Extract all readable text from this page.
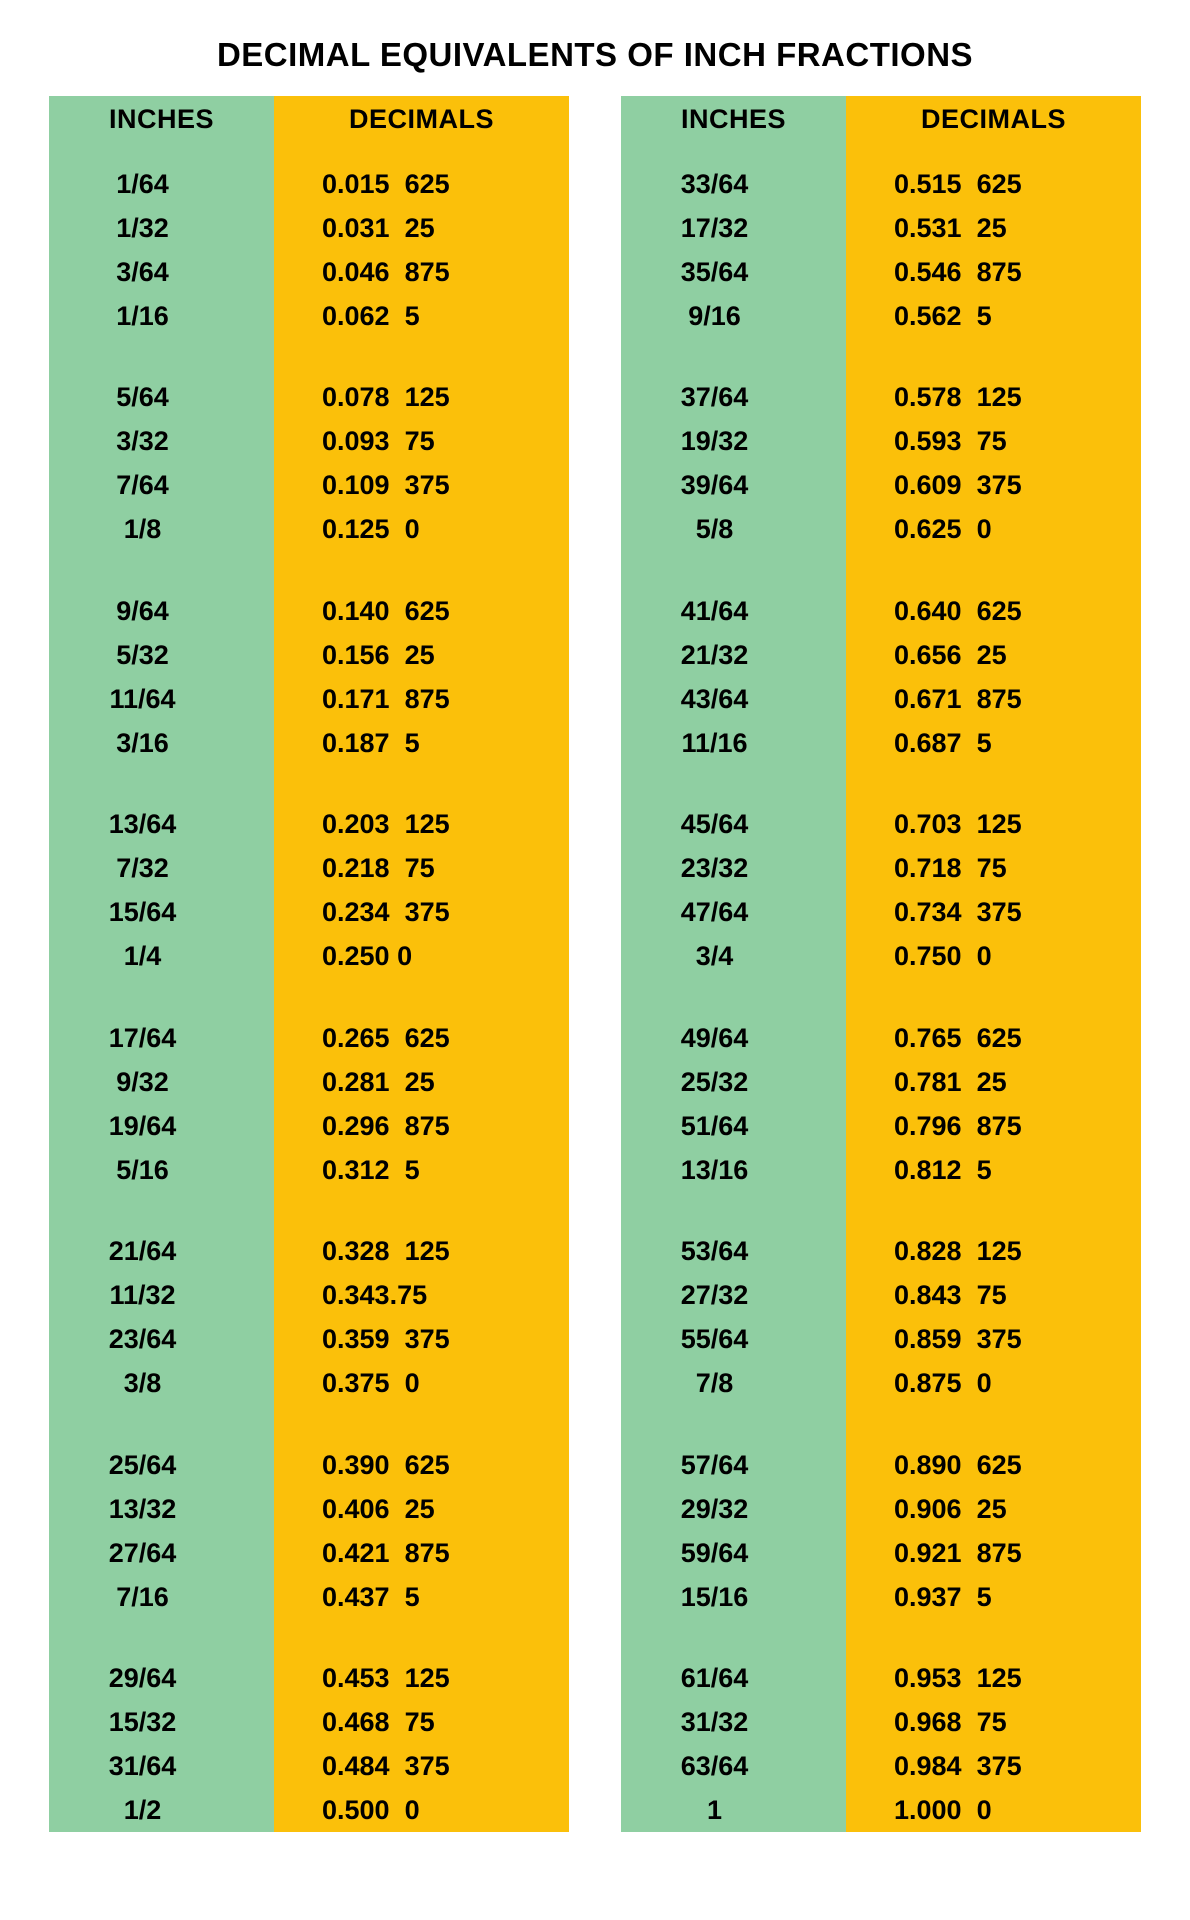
DECIMAL EQUIVALENTS OF INCH FRACTIONS
INCHES	DECIMALS
1/64
1/32
3/64
1/16
5/64
3/32
7/64
1/8
9/64
5/32
11/64
3/16
13/64
7/32
15/64
1/4
17/64
9/32
19/64
5/16
21/64
11/32
23/64
3/8
25/64
13/32
27/64
7/16
29/64
15/32
31/64
1/2
0.015  625
0.031  25
0.046  875
0.062  5
0.078  125
0.093  75
0.109  375
0.125  0
0.140  625
0.156  25
0.171  875
0.187  5
0.203  125
0.218  75
0.234  375
0.250 0
0.265  625
0.281  25
0.296  875
0.312  5
0.328  125
0.343.75
0.359  375
0.375  0
0.390  625
0.406  25
0.421  875
0.437  5
0.453  125
0.468  75
0.484  375
0.500  0
INCHES	DECIMALS
33/64
17/32
35/64
9/16
37/64
19/32
39/64
5/8
41/64
21/32
43/64
11/16
45/64
23/32
47/64
3/4
49/64
25/32
51/64
13/16
53/64
27/32
55/64
7/8
57/64
29/32
59/64
15/16
61/64
31/32
63/64
1
0.515  625
0.531  25
0.546  875
0.562  5
0.578  125
0.593  75
0.609  375
0.625  0
0.640  625
0.656  25
0.671  875
0.687  5
0.703  125
0.718  75
0.734  375
0.750  0
0.765  625
0.781  25
0.796  875
0.812  5
0.828  125
0.843  75
0.859  375
0.875  0
0.890  625
0.906  25
0.921  875
0.937  5
0.953  125
0.968  75
0.984  375
1.000  0
